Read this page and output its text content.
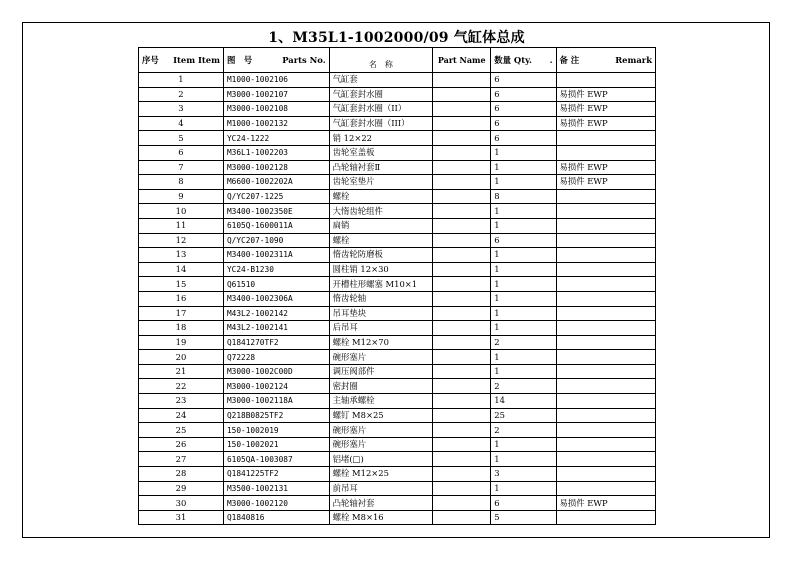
1、M35L1-1002000/09 气缸体总成
序号 Item Item	图　号 Parts No.	名　称	Part Name	数量 Qty. .	备 注 Remark

1	M1000-1002106	气缸套		6	
2	M3000-1002107	气缸套封水圈		6	易损件 EWP
3	M3000-1002108	气缸套封水圈（II）		6	易损件 EWP
4	M1000-1002132	气缸套封水圈（III）		6	易损件 EWP
5	YC24-1222	销 12×22		6	
6	M36L1-1002203	齿轮室盖板		1	
7	M3000-1002128	凸轮轴衬套Ⅱ		1	易损件 EWP
8	M6600-1002202A	齿轮室垫片		1	易损件 EWP
9	Q/YC207-1225	螺栓		8	
10	M3400-1002350E	大惰齿轮组件		1	
11	6105Q-1600011A	扁销		1	
12	Q/YC207-1090	螺栓		6	
13	M3400-1002311A	惰齿轮防磨板		1	
14	YC24-B1230	圆柱销 12×30		1	
15	Q61510	开槽柱形螺塞 M10×1		1	
16	M3400-1002306A	惰齿轮轴		1	
17	M43L2-1002142	吊耳垫块		1	
18	M43L2-1002141	后吊耳		1	
19	Q1841270TF2	螺栓 M12×70		2	
20	Q72228	碗形塞片		1	
21	M3000-1002C00D	调压阀部件		1	
22	M3000-1002124	密封圈		2	
23	M3000-1002118A	主轴承螺栓		14	
24	Q218B0825TF2	螺钉 M8×25		25	
25	150-1002019	碗形塞片		2	
26	150-1002021	碗形塞片		1	
27	6105QA-1003087	铝堵(□)		1	
28	Q1841225TF2	螺栓 M12×25		3	
29	M3500-1002131	前吊耳		1	
30	M3000-1002120	凸轮轴衬套		6	易损件 EWP
31	Q1840816	螺栓 M8×16		5	
